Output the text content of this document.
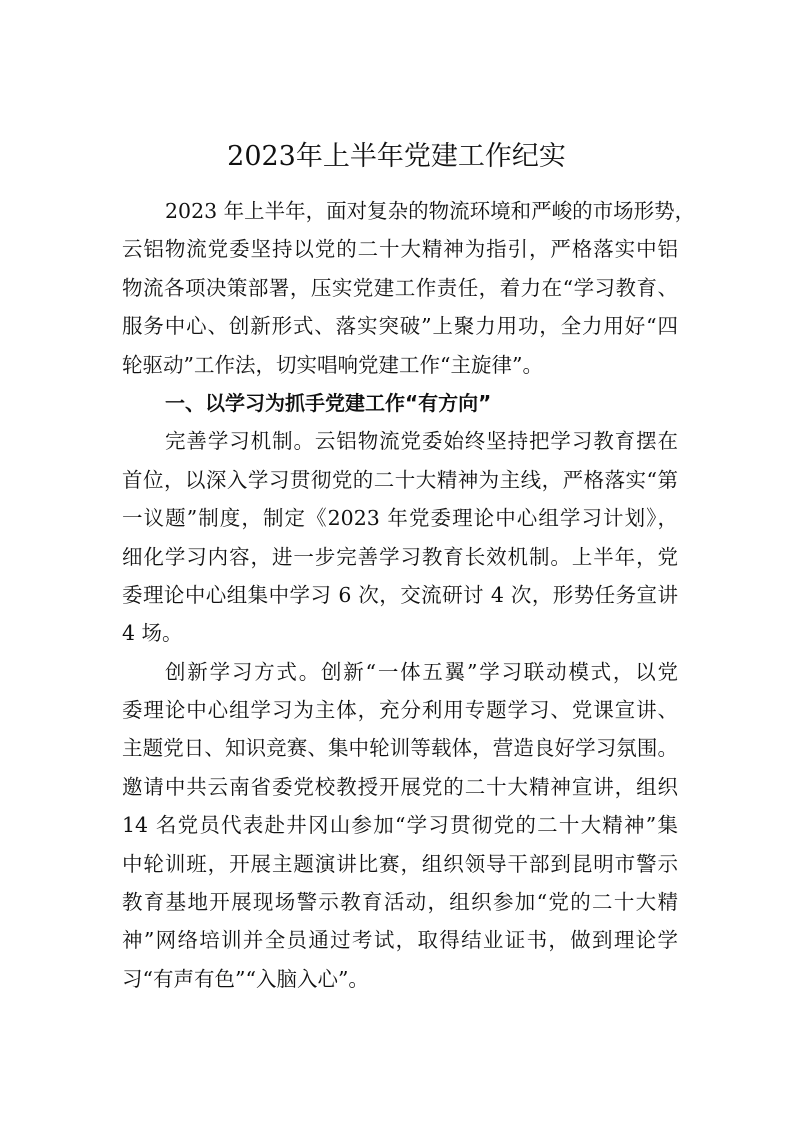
2023年上半年党建工作纪实
2023 年上半年，面对复杂的物流环境和严峻的市场形势，
云铝物流党委坚持以党的二十大精神为指引，严格落实中铝
物流各项决策部署，压实党建工作责任，着力在“学习教育、
服务中心、创新形式、落实突破”上聚力用功，全力用好“四
轮驱动”工作法，切实唱响党建工作“主旋律”。
一、以学习为抓手党建工作“有方向”
完善学习机制。云铝物流党委始终坚持把学习教育摆在
首位，以深入学习贯彻党的二十大精神为主线，严格落实“第
一议题”制度，制定《2023 年党委理论中心组学习计划》，
细化学习内容，进一步完善学习教育长效机制。上半年，党
委理论中心组集中学习 6 次，交流研讨 4 次，形势任务宣讲
4 场。
创新学习方式。创新“一体五翼”学习联动模式，以党
委理论中心组学习为主体，充分利用专题学习、党课宣讲、
主题党日、知识竞赛、集中轮训等载体，营造良好学习氛围。
邀请中共云南省委党校教授开展党的二十大精神宣讲，组织
14 名党员代表赴井冈山参加“学习贯彻党的二十大精神”集
中轮训班，开展主题演讲比赛，组织领导干部到昆明市警示
教育基地开展现场警示教育活动，组织参加“党的二十大精
神”网络培训并全员通过考试，取得结业证书，做到理论学
习“有声有色”“入脑入心”。
